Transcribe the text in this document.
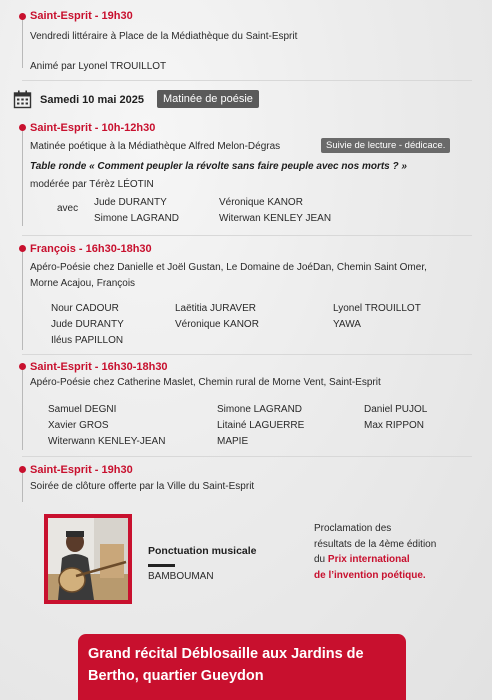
Saint-Esprit - 19h30
Vendredi littéraire à Place de la Médiathèque du Saint-Esprit
Animé par Lyonel TROUILLOT
Samedi 10 mai 2025	Matinée de poésie
Saint-Esprit - 10h-12h30
Matinée poétique à la Médiathèque Alfred Melon-Dégras	Suivie de lecture - dédicace.
Table ronde « Comment peupler la révolte sans faire peuple avec nos morts ? »
modérée par Térèz LÉOTIN
avec
Jude DURANTY
Simone LAGRAND
Véronique KANOR
Witerwan KENLEY JEAN
François - 16h30-18h30
Apéro-Poésie chez Danielle et Joël Gustan, Le Domaine de JoéDan, Chemin Saint Omer,
Morne Acajou, François
Nour CADOUR
Jude DURANTY
Iléus PAPILLON
Laëtitia JURAVER
Véronique KANOR
Lyonel TROUILLOT
YAWA
Saint-Esprit - 16h30-18h30
Apéro-Poésie chez Catherine Maslet, Chemin rural de Morne Vent, Saint-Esprit
Samuel DEGNI
Xavier GROS
Witerwann KENLEY-JEAN
Simone LAGRAND
Litainé LAGUERRE
MAPIE
Daniel PUJOL
Max RIPPON
Saint-Esprit - 19h30
Soirée de clôture offerte par la Ville du Saint-Esprit
Ponctuation musicale
BAMBOUMAN
Proclamation des
résultats de la 4ème édition
du Prix international
de l’invention poétique.
Grand récital Déblosaille aux Jardins de Bertho, quartier Gueydon
